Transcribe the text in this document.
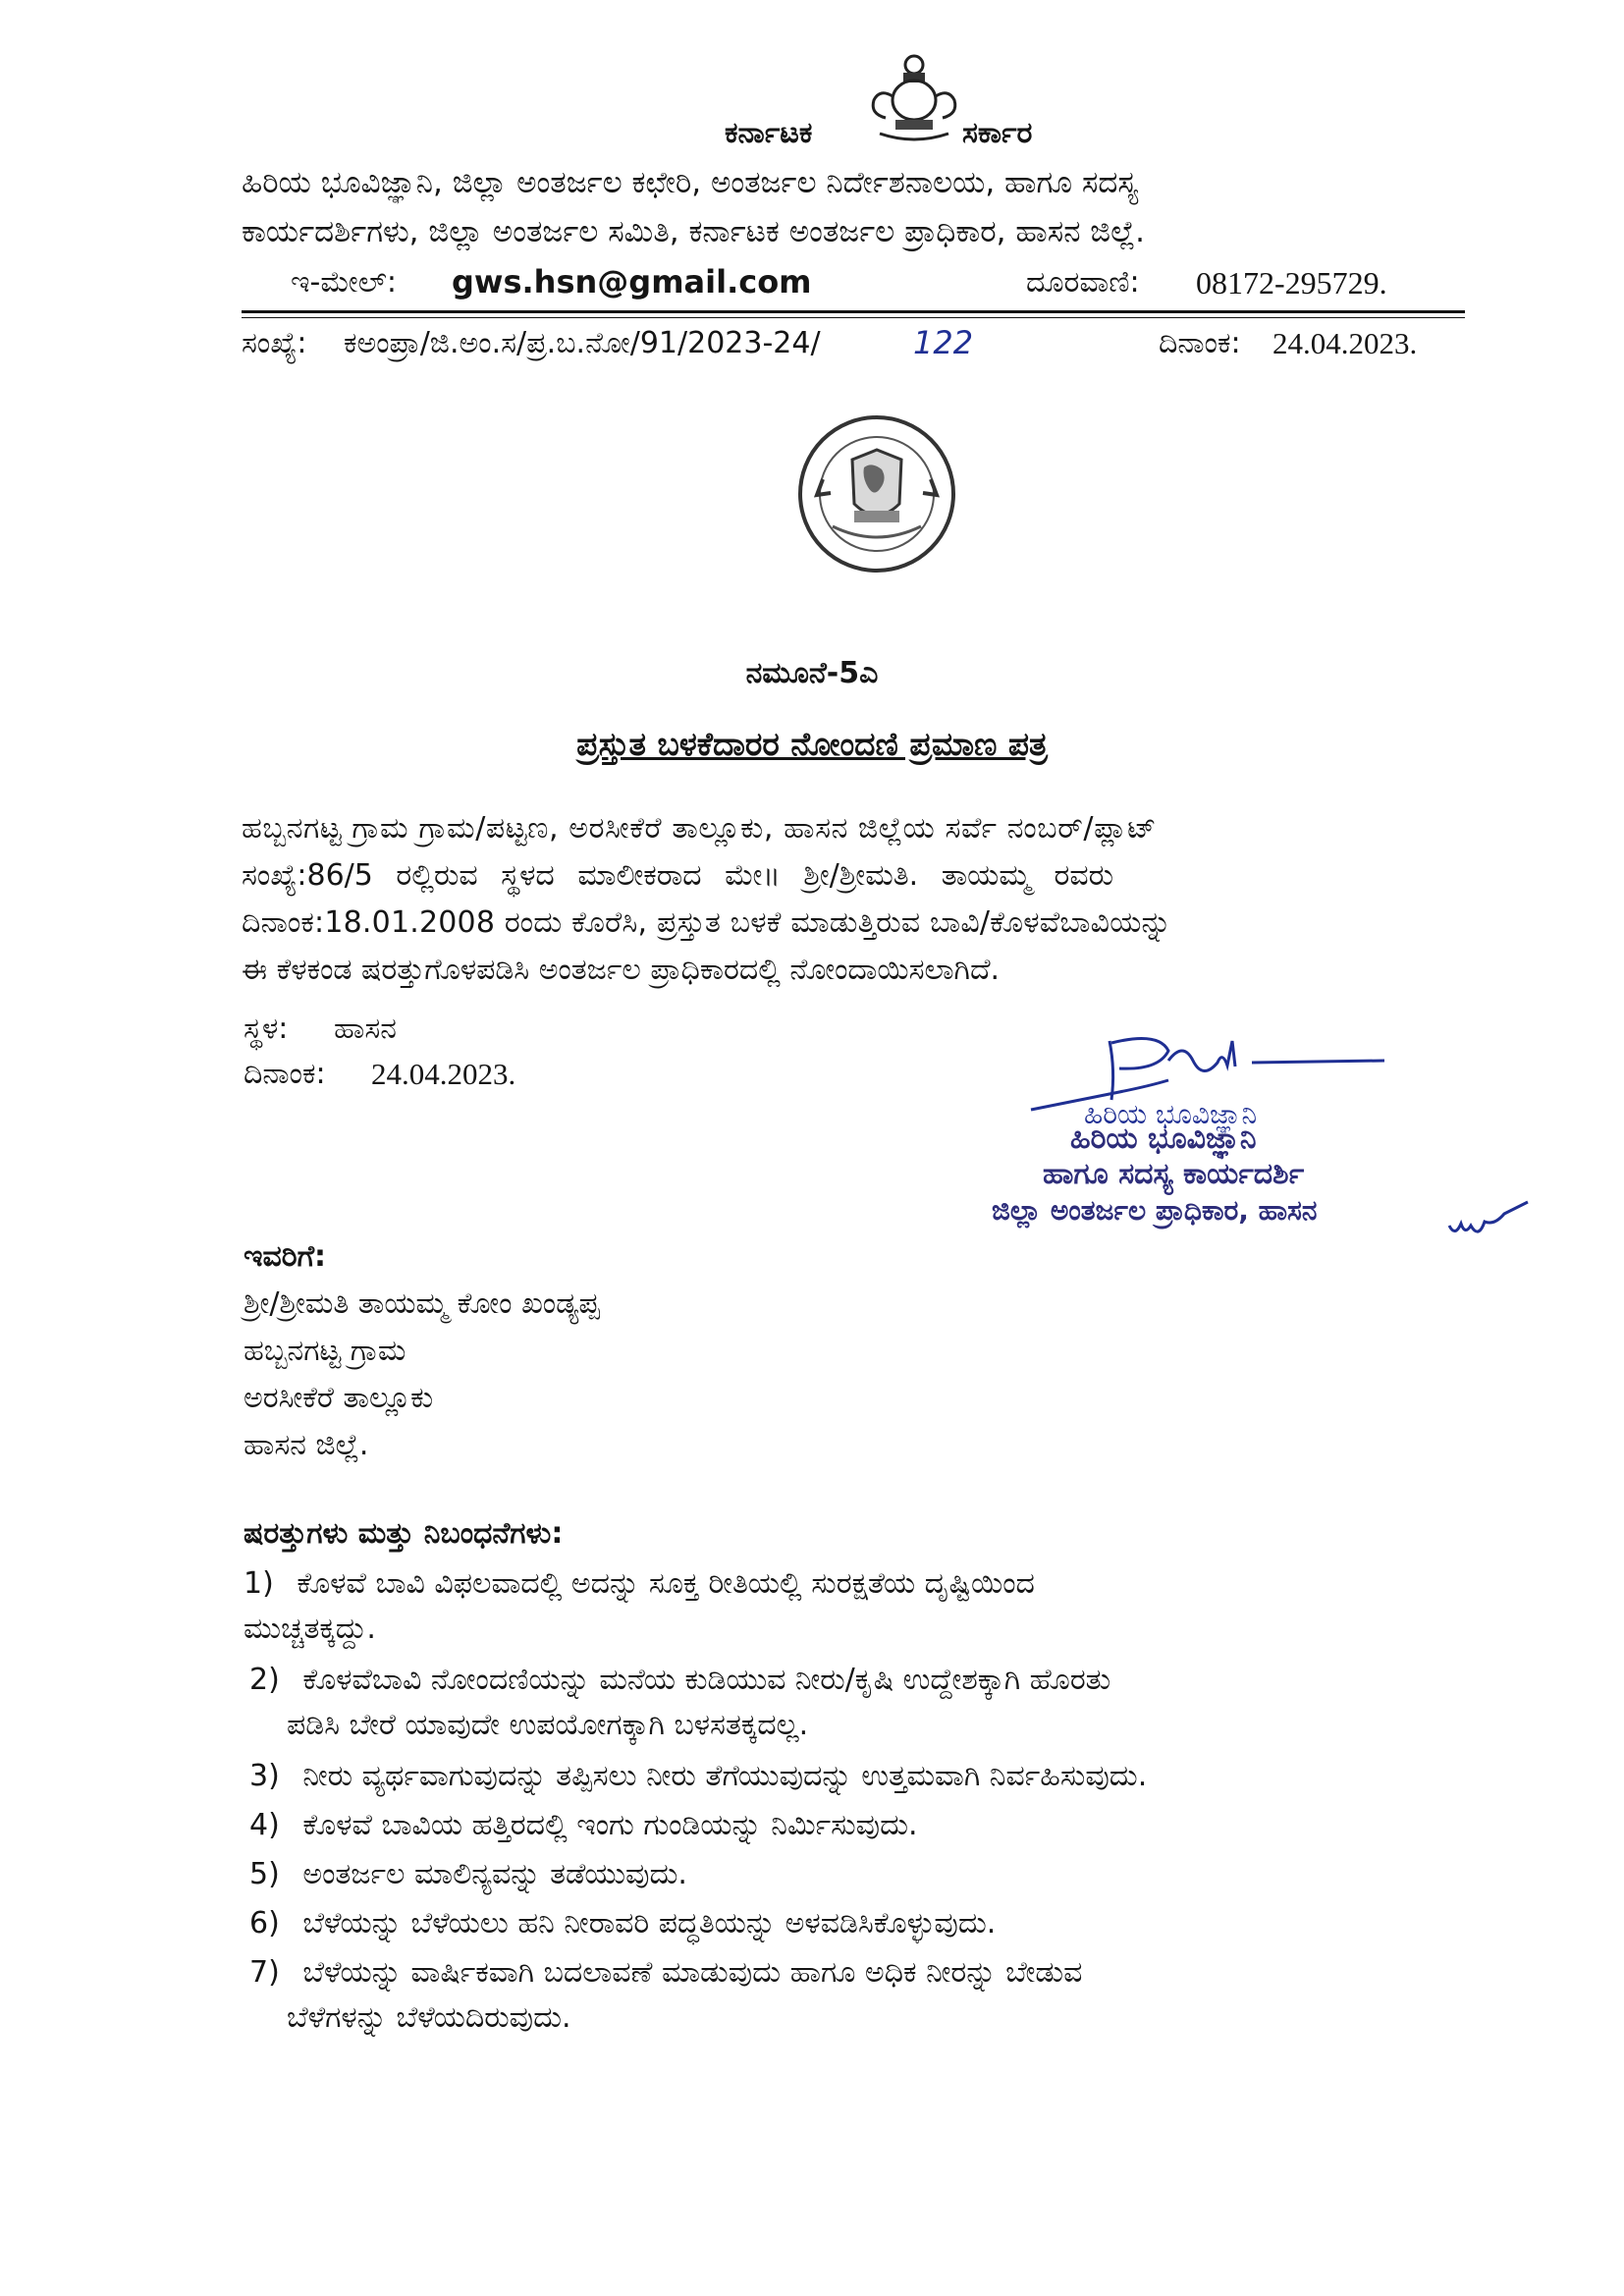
ಕರ್ನಾಟಕ	ಸರ್ಕಾರ
ಹಿರಿಯ ಭೂವಿಜ್ಞಾನಿ, ಜಿಲ್ಲಾ ಅಂತರ್ಜಲ ಕಛೇರಿ, ಅಂತರ್ಜಲ ನಿರ್ದೇಶನಾಲಯ, ಹಾಗೂ ಸದಸ್ಯ
ಕಾರ್ಯದರ್ಶಿಗಳು, ಜಿಲ್ಲಾ ಅಂತರ್ಜಲ ಸಮಿತಿ, ಕರ್ನಾಟಕ ಅಂತರ್ಜಲ ಪ್ರಾಧಿಕಾರ, ಹಾಸನ ಜಿಲ್ಲೆ.
ಇ-ಮೇಲ್: gws.hsn@gmail.com	ದೂರವಾಣಿ: 08172-295729.
ಸಂಖ್ಯೆ: ಕಅಂಪ್ರಾ/ಜಿ.ಅಂ.ಸ/ಪ್ರ.ಬ.ನೋ/91/2023-24/	122	ದಿನಾಂಕ: 24.04.2023.
ನಮೂನೆ-5ಎ
ಪ್ರಸ್ತುತ ಬಳಕೆದಾರರ ನೋಂದಣಿ ಪ್ರಮಾಣ ಪತ್ರ
ಹಬ್ಬನಗಟ್ಟ ಗ್ರಾಮ ಗ್ರಾಮ/ಪಟ್ಟಣ, ಅರಸೀಕೆರೆ ತಾಲ್ಲೂಕು, ಹಾಸನ ಜಿಲ್ಲೆಯ ಸರ್ವೆ ನಂಬರ್/ಪ್ಲಾಟ್
ಸಂಖ್ಯೆ:86/5 ರಲ್ಲಿರುವ ಸ್ಥಳದ ಮಾಲೀಕರಾದ ಮೇ॥ ಶ್ರೀ/ಶ್ರೀಮತಿ. ತಾಯಮ್ಮ ರವರು
ದಿನಾಂಕ:18.01.2008 ರಂದು ಕೊರೆಸಿ, ಪ್ರಸ್ತುತ ಬಳಕೆ ಮಾಡುತ್ತಿರುವ ಬಾವಿ/ಕೊಳವೆಬಾವಿಯನ್ನು
ಈ ಕೆಳಕಂಡ ಷರತ್ತುಗೊಳಪಡಿಸಿ ಅಂತರ್ಜಲ ಪ್ರಾಧಿಕಾರದಲ್ಲಿ ನೋಂದಾಯಿಸಲಾಗಿದೆ.
ಸ್ಥಳ: ಹಾಸನ
ದಿನಾಂಕ: 24.04.2023.
ಹಿರಿಯ ಭೂವಿಜ್ಞಾನಿ
ಹಿರಿಯ ಭೂವಿಜ್ಞಾನಿ
ಹಾಗೂ ಸದಸ್ಯ ಕಾರ್ಯದರ್ಶಿ
ಜಿಲ್ಲಾ ಅಂತರ್ಜಲ ಪ್ರಾಧಿಕಾರ, ಹಾಸನ
ಇವರಿಗೆ:
ಶ್ರೀ/ಶ್ರೀಮತಿ ತಾಯಮ್ಮ ಕೋಂ ಖಂಡ್ಯಪ್ಪ
ಹಬ್ಬನಗಟ್ಟ ಗ್ರಾಮ
ಅರಸೀಕೆರೆ ತಾಲ್ಲೂಕು
ಹಾಸನ ಜಿಲ್ಲೆ.
ಷರತ್ತುಗಳು ಮತ್ತು ನಿಬಂಧನೆಗಳು:
1) ಕೊಳವೆ ಬಾವಿ ವಿಫಲವಾದಲ್ಲಿ ಅದನ್ನು ಸೂಕ್ತ ರೀತಿಯಲ್ಲಿ ಸುರಕ್ಷತೆಯ ದೃಷ್ಟಿಯಿಂದ
ಮುಚ್ಚತಕ್ಕದ್ದು.
2) ಕೊಳವೆಬಾವಿ ನೋಂದಣಿಯನ್ನು ಮನೆಯ ಕುಡಿಯುವ ನೀರು/ಕೃಷಿ ಉದ್ದೇಶಕ್ಕಾಗಿ ಹೊರತು
ಪಡಿಸಿ ಬೇರೆ ಯಾವುದೇ ಉಪಯೋಗಕ್ಕಾಗಿ ಬಳಸತಕ್ಕದಲ್ಲ.
3) ನೀರು ವ್ಯರ್ಥವಾಗುವುದನ್ನು ತಪ್ಪಿಸಲು ನೀರು ತೆಗೆಯುವುದನ್ನು ಉತ್ತಮವಾಗಿ ನಿರ್ವಹಿಸುವುದು.
4) ಕೊಳವೆ ಬಾವಿಯ ಹತ್ತಿರದಲ್ಲಿ ಇಂಗು ಗುಂಡಿಯನ್ನು ನಿರ್ಮಿಸುವುದು.
5) ಅಂತರ್ಜಲ ಮಾಲಿನ್ಯವನ್ನು ತಡೆಯುವುದು.
6) ಬೆಳೆಯನ್ನು ಬೆಳೆಯಲು ಹನಿ ನೀರಾವರಿ ಪದ್ಧತಿಯನ್ನು ಅಳವಡಿಸಿಕೊಳ್ಳುವುದು.
7) ಬೆಳೆಯನ್ನು ವಾರ್ಷಿಕವಾಗಿ ಬದಲಾವಣೆ ಮಾಡುವುದು ಹಾಗೂ ಅಧಿಕ ನೀರನ್ನು ಬೇಡುವ
ಬೆಳೆಗಳನ್ನು ಬೆಳೆಯದಿರುವುದು.
